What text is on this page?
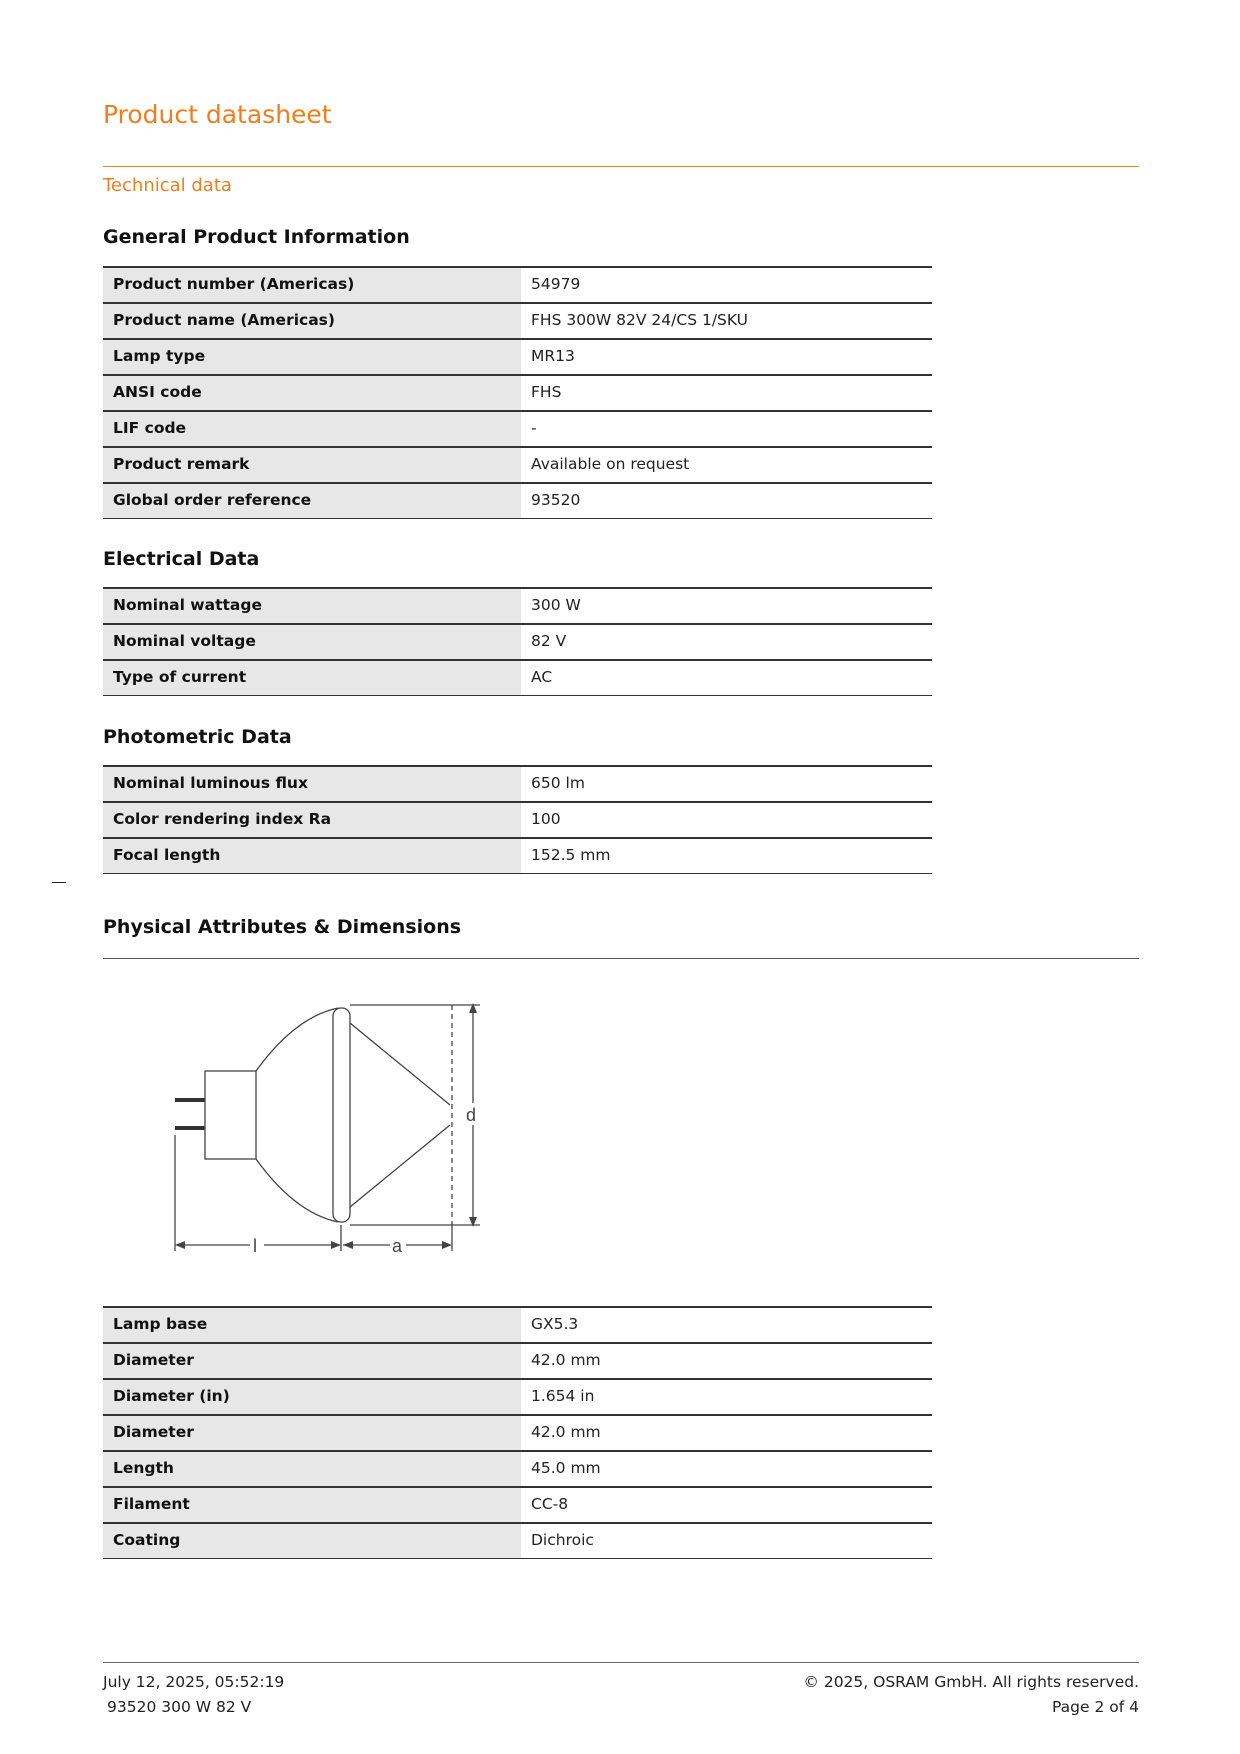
Product datasheet
Technical data
General Product Information
Product number (Americas)	54979
Product name (Americas)	FHS 300W 82V 24/CS 1/SKU
Lamp type	MR13
ANSI code	FHS
LIF code	-
Product remark	Available on request
Global order reference	93520
Electrical Data
Nominal wattage	300 W
Nominal voltage	82 V
Type of current	AC
Photometric Data
Nominal luminous flux	650 lm
Color rendering index Ra	100
Focal length	152.5 mm
Physical Attributes & Dimensions
d
l	a
Lamp base	GX5.3
Diameter	42.0 mm
Diameter (in)	1.654 in
Diameter	42.0 mm
Length	45.0 mm
Filament	CC-8
Coating	Dichroic
July 12, 2025, 05:52:19
93520 300 W 82 V
© 2025, OSRAM GmbH. All rights reserved.
Page 2 of 4
